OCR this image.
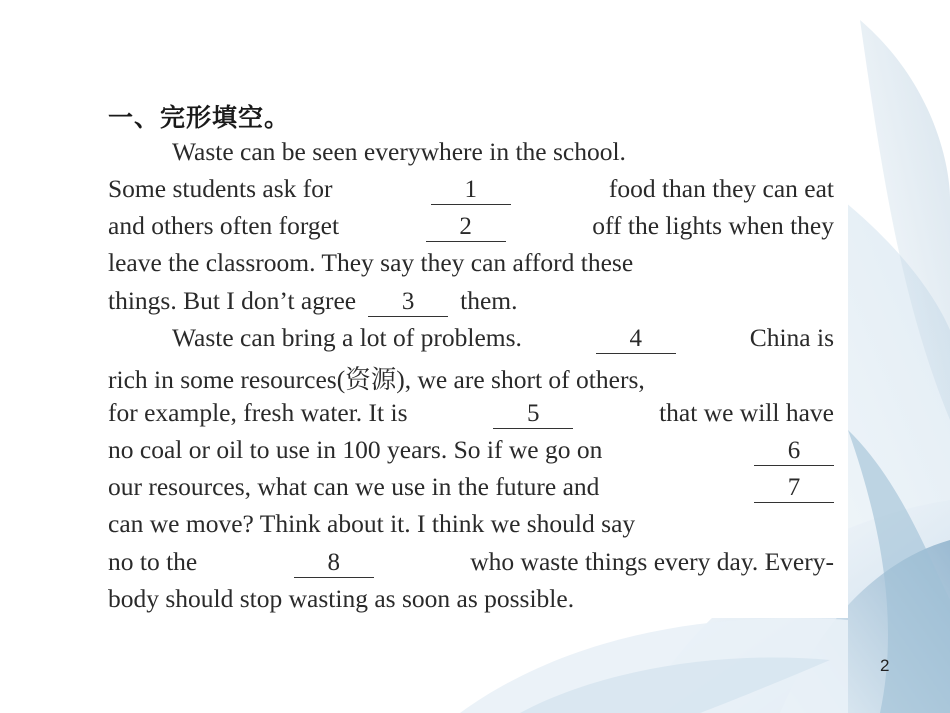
一、完形填空。
Waste can be seen everywhere in the school.
Some students ask for	1	food than they can eat
and others often forget	2	off the lights when they
leave the classroom. They say they can afford these
things. But I don’t agree	3	them.
Waste can bring a lot of problems.	4	China is
rich in some resources(资源), we are short of others,
for example, fresh water. It is	5	that we will have
no coal or oil to use in 100 years. So if we go on	6
our resources, what can we use in the future and	7
can we move? Think about it. I think we should say
no to the	8	who waste things every day. Every-
body should stop wasting as soon as possible.
2
